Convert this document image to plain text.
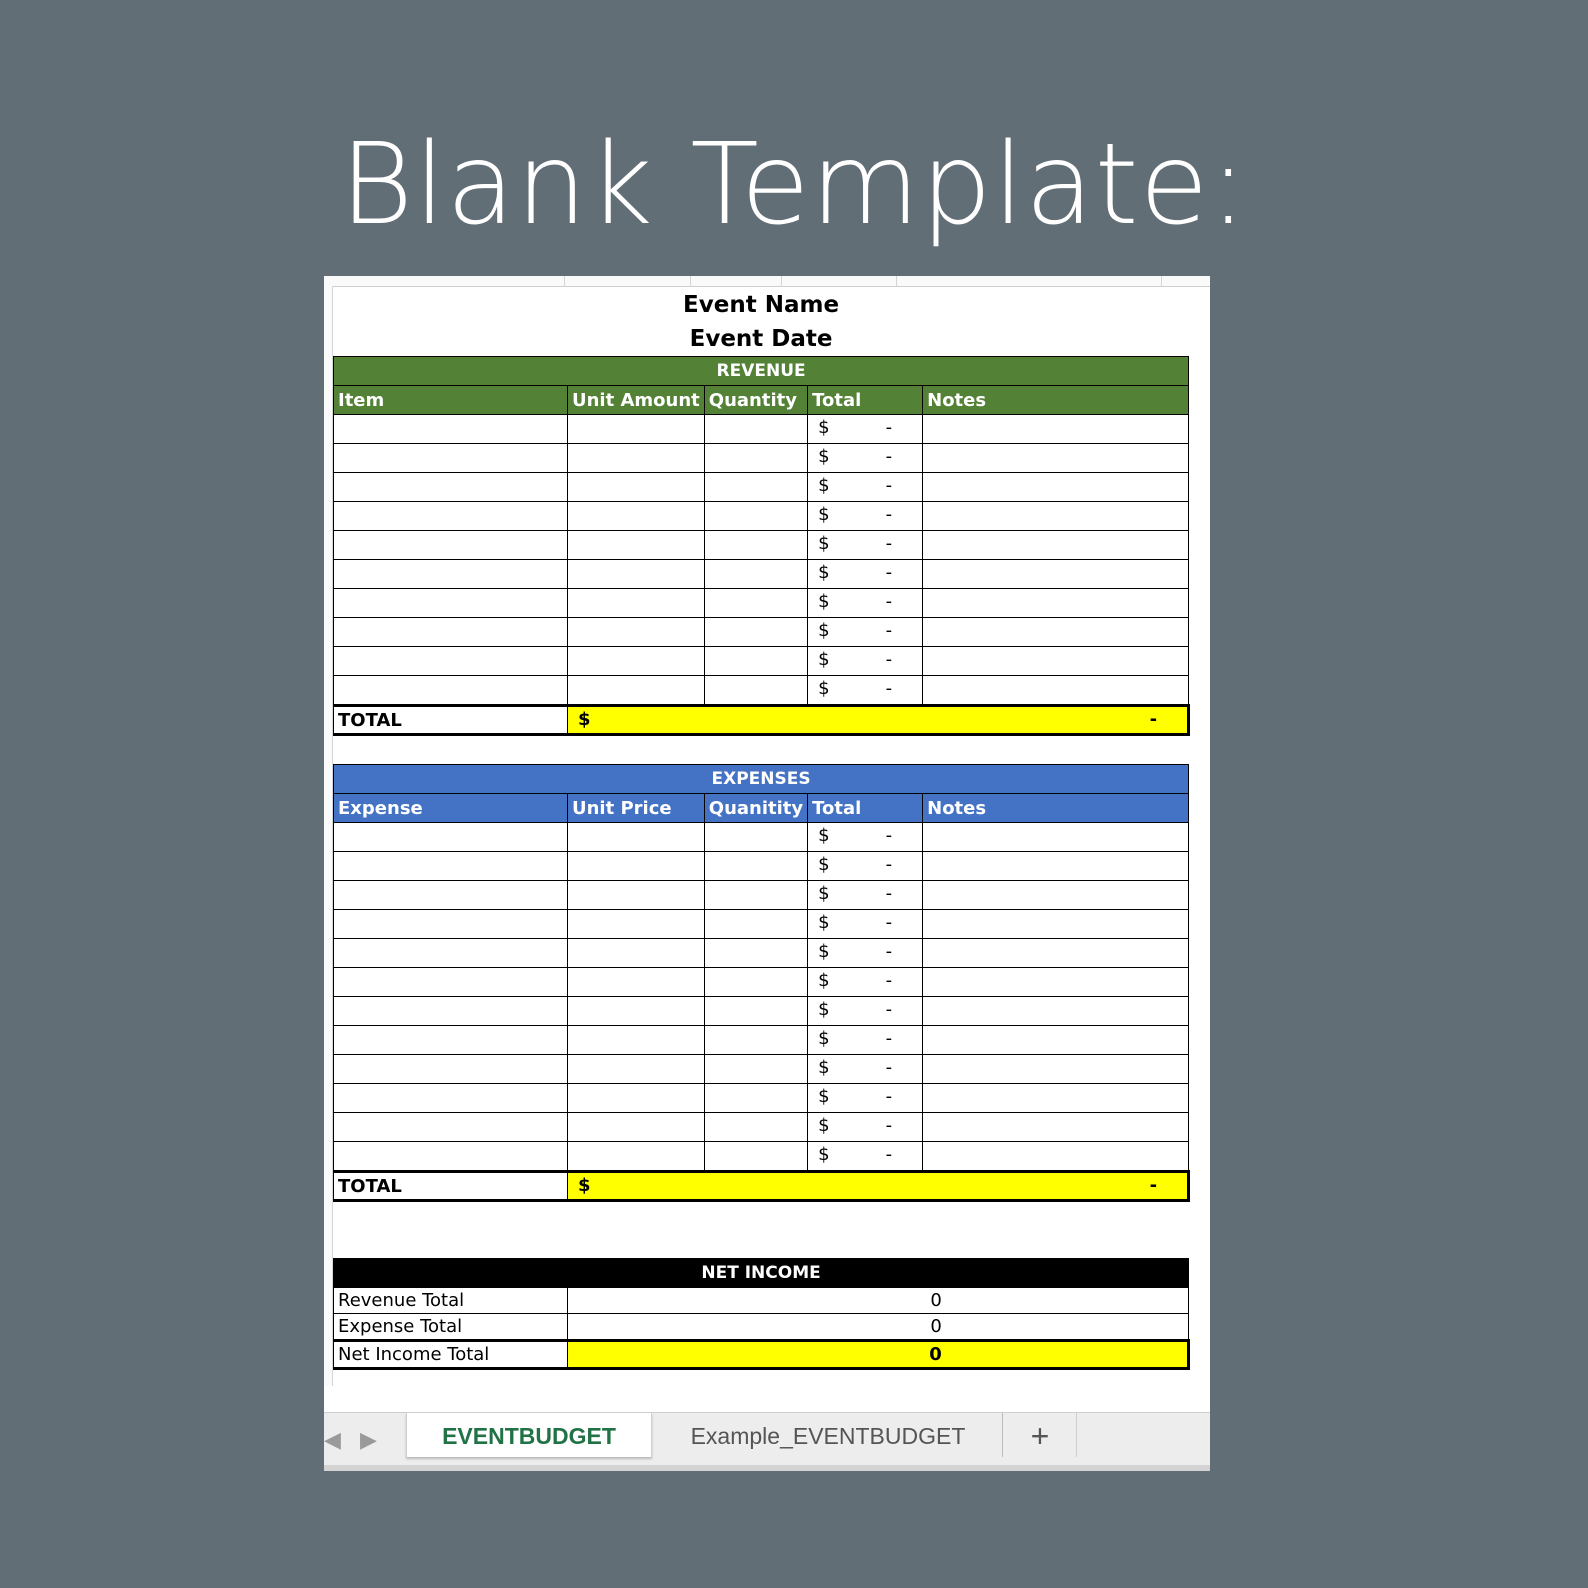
Blank Template:
Event Name				
Event Date				
REVENUE				
Item	Unit Amount	Quantity	Total	Notes

			$ -	

			$ -	

			$ -	

			$ -	

			$ -	

			$ -	

			$ -	

			$ -	

			$ -	

			$ -	

TOTAL	$ -			

EXPENSES				
Expense	Unit Price	Quanitity	Total	Notes

			$ -	

			$ -	

			$ -	

			$ -	

			$ -	

			$ -	

			$ -	

			$ -	

			$ -	

			$ -	

			$ -	

			$ -	

TOTAL	$ -			

NET INCOME				
Revenue Total	0			
Expense Total	0			
Net Income Total	0			
◀ ▶	EVENTBUDGET	Example_EVENTBUDGET	+
